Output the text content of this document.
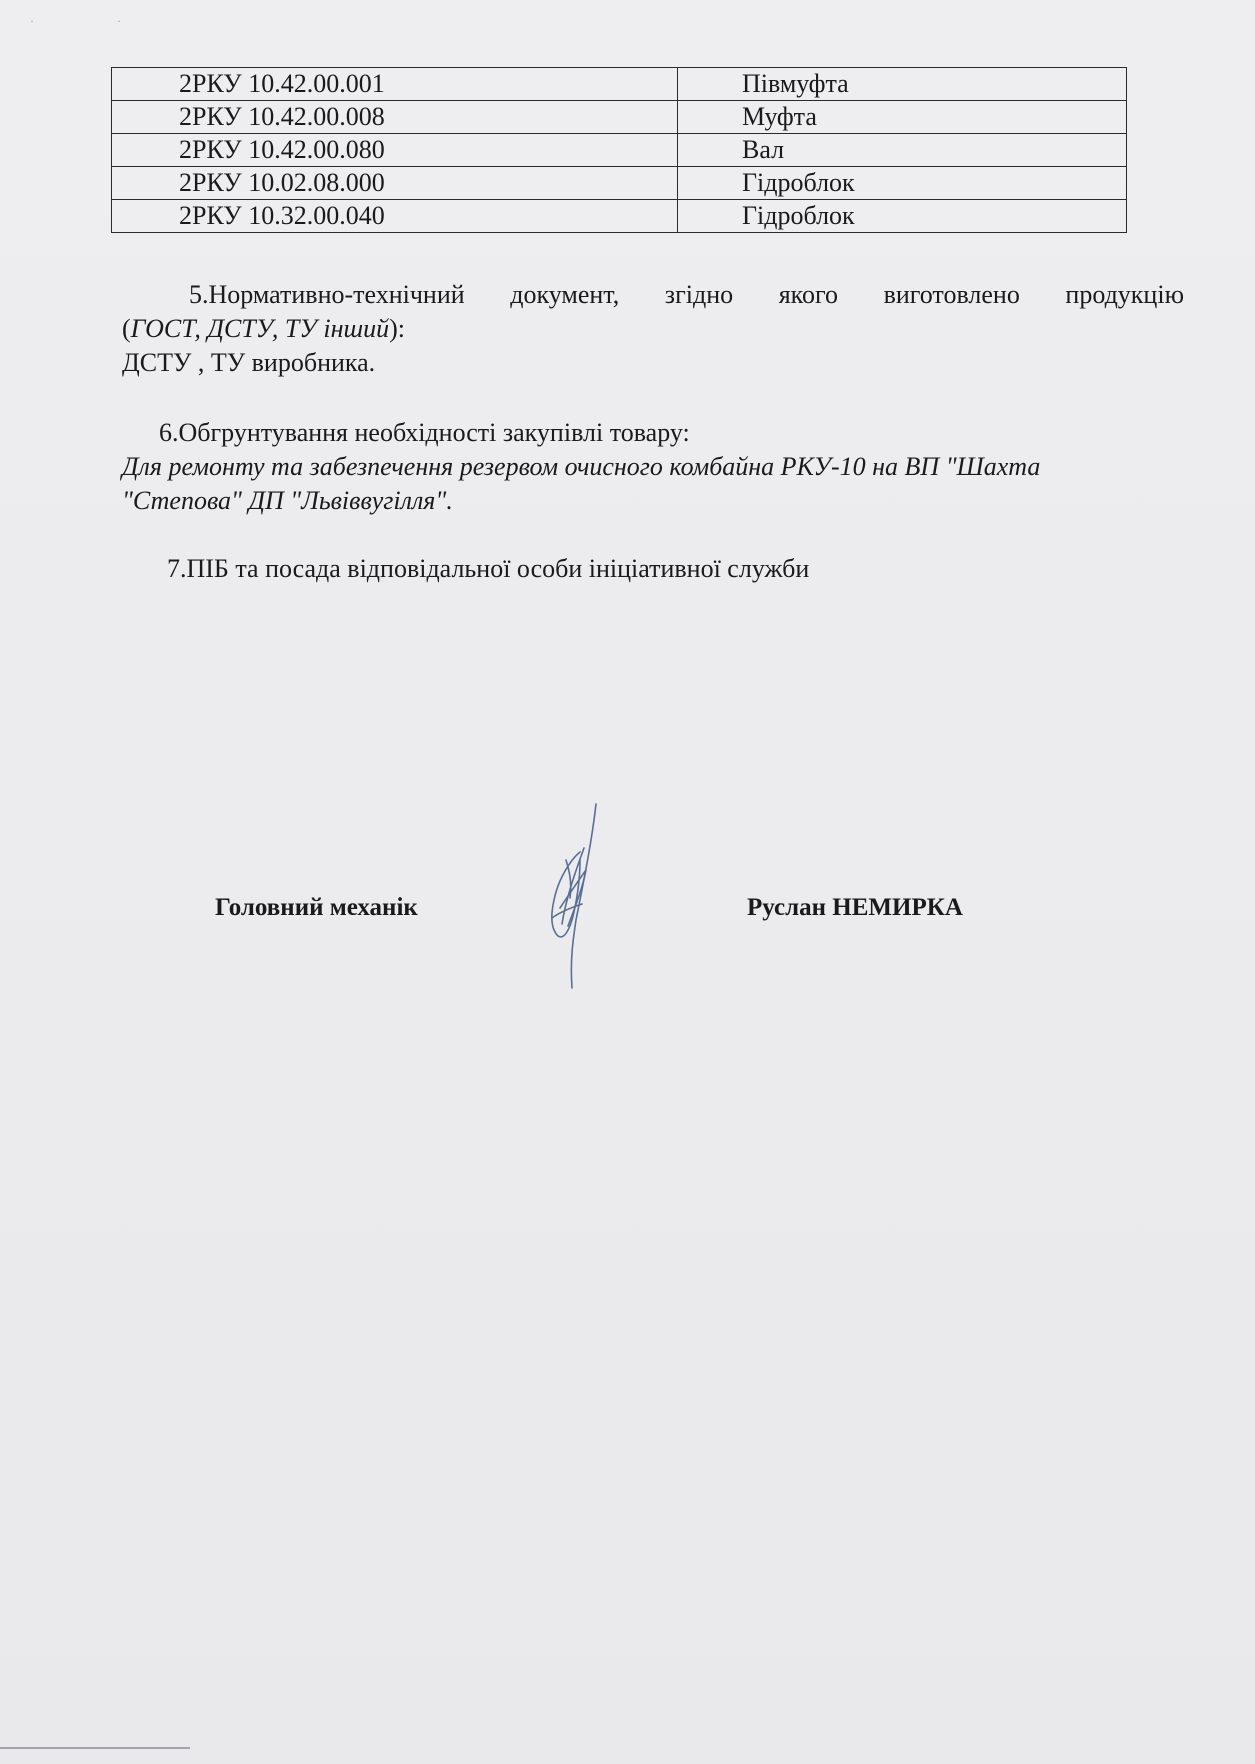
· ·
2РКУ 10.42.00.001	Півмуфта
2РКУ 10.42.00.008	Муфта
2РКУ 10.42.00.080	Вал
2РКУ 10.02.08.000	Гідроблок
2РКУ 10.32.00.040	Гідроблок
5.Нормативно-технічний документ, згідно якого виготовлено продукцію
(ГОСТ, ДСТУ, ТУ інший):
ДСТУ , ТУ виробника.
6.Обгрунтування необхідності закупівлі товару:
Для ремонту та забезпечення резервом очисного комбайна РКУ-10 на ВП "Шахта
"Степова" ДП "Львіввугілля".
7.ПІБ та посада відповідальної особи ініціативної служби
Головний механік	Руслан НЕМИРКА
